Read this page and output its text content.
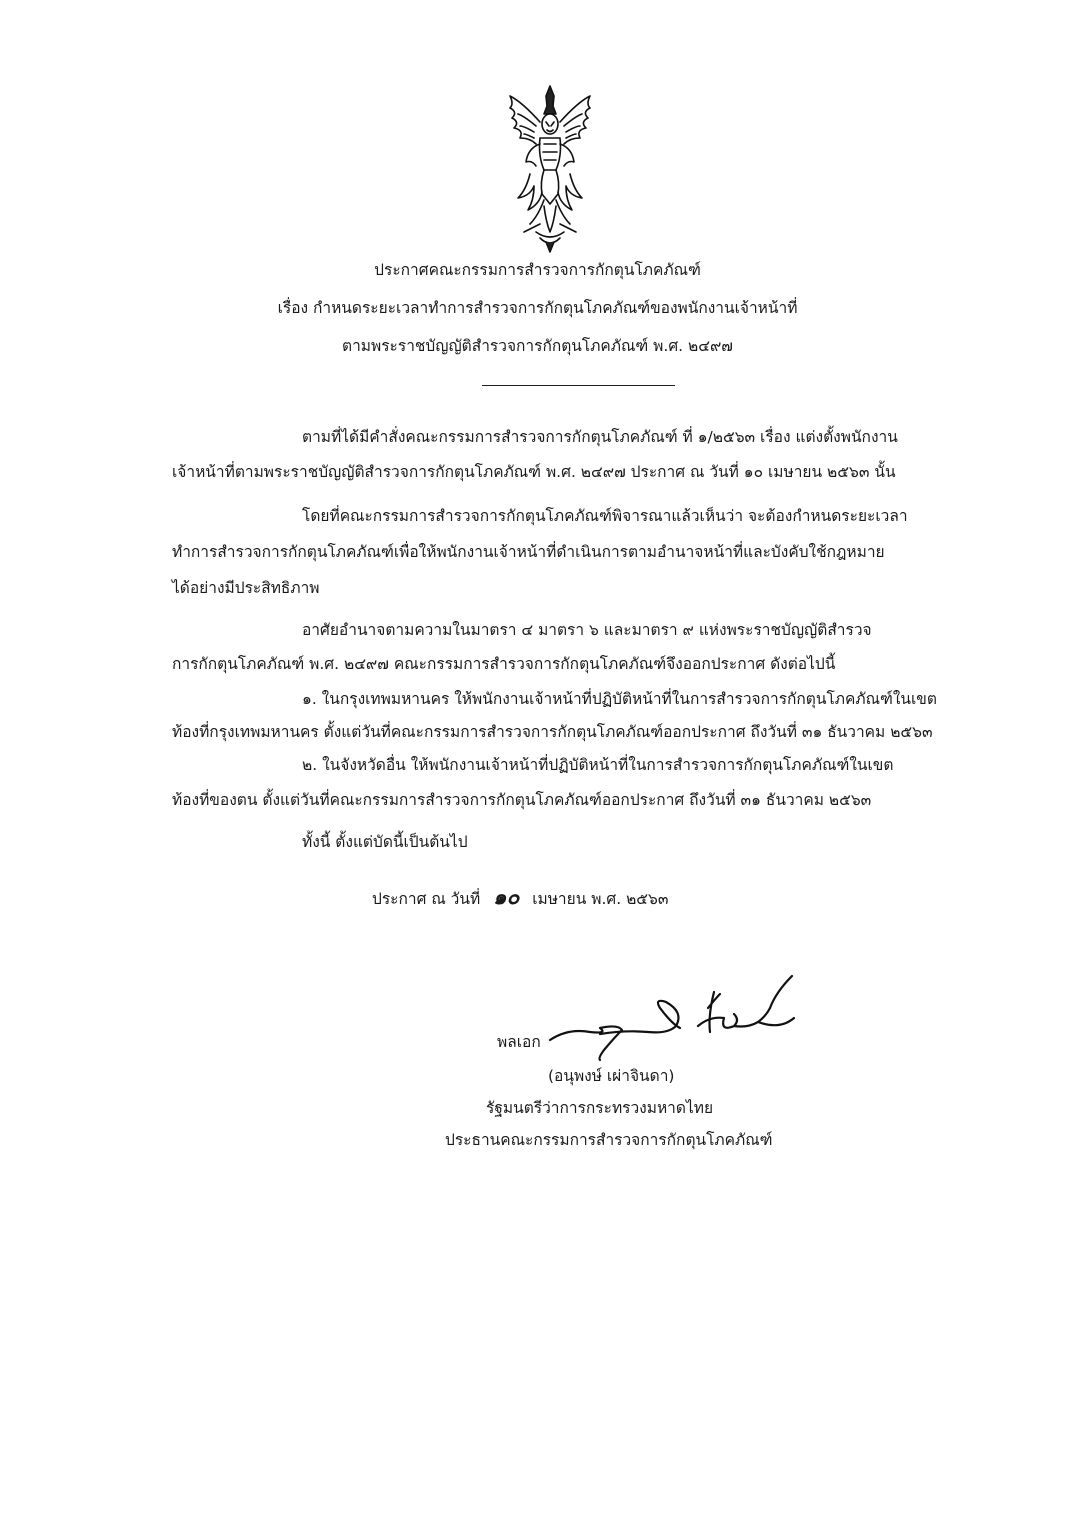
ประกาศคณะกรรมการสำรวจการกักตุนโภคภัณฑ์
เรื่อง กำหนดระยะเวลาทำการสำรวจการกักตุนโภคภัณฑ์ของพนักงานเจ้าหน้าที่
ตามพระราชบัญญัติสำรวจการกักตุนโภคภัณฑ์ พ.ศ. ๒๔๙๗
ตามที่ได้มีคำสั่งคณะกรรมการสำรวจการกักตุนโภคภัณฑ์ ที่ ๑/๒๕๖๓ เรื่อง แต่งตั้งพนักงาน
เจ้าหน้าที่ตามพระราชบัญญัติสำรวจการกักตุนโภคภัณฑ์ พ.ศ. ๒๔๙๗ ประกาศ ณ วันที่ ๑๐ เมษายน ๒๕๖๓ นั้น
โดยที่คณะกรรมการสำรวจการกักตุนโภคภัณฑ์พิจารณาแล้วเห็นว่า จะต้องกำหนดระยะเวลา
ทำการสำรวจการกักตุนโภคภัณฑ์เพื่อให้พนักงานเจ้าหน้าที่ดำเนินการตามอำนาจหน้าที่และบังคับใช้กฎหมาย
ได้อย่างมีประสิทธิภาพ
อาศัยอำนาจตามความในมาตรา ๔ มาตรา ๖ และมาตรา ๙ แห่งพระราชบัญญัติสำรวจ
การกักตุนโภคภัณฑ์ พ.ศ. ๒๔๙๗ คณะกรรมการสำรวจการกักตุนโภคภัณฑ์จึงออกประกาศ ดังต่อไปนี้
๑. ในกรุงเทพมหานคร ให้พนักงานเจ้าหน้าที่ปฏิบัติหน้าที่ในการสำรวจการกักตุนโภคภัณฑ์ในเขต
ท้องที่กรุงเทพมหานคร ตั้งแต่วันที่คณะกรรมการสำรวจการกักตุนโภคภัณฑ์ออกประกาศ ถึงวันที่ ๓๑ ธันวาคม ๒๕๖๓
๒. ในจังหวัดอื่น ให้พนักงานเจ้าหน้าที่ปฏิบัติหน้าที่ในการสำรวจการกักตุนโภคภัณฑ์ในเขต
ท้องที่ของตน ตั้งแต่วันที่คณะกรรมการสำรวจการกักตุนโภคภัณฑ์ออกประกาศ ถึงวันที่ ๓๑ ธันวาคม ๒๕๖๓
ทั้งนี้ ตั้งแต่บัดนี้เป็นต้นไป
ประกาศ ณ วันที่ ๑๐ เมษายน พ.ศ. ๒๕๖๓
พลเอก
(อนุพงษ์ เผ่าจินดา)
รัฐมนตรีว่าการกระทรวงมหาดไทย
ประธานคณะกรรมการสำรวจการกักตุนโภคภัณฑ์
